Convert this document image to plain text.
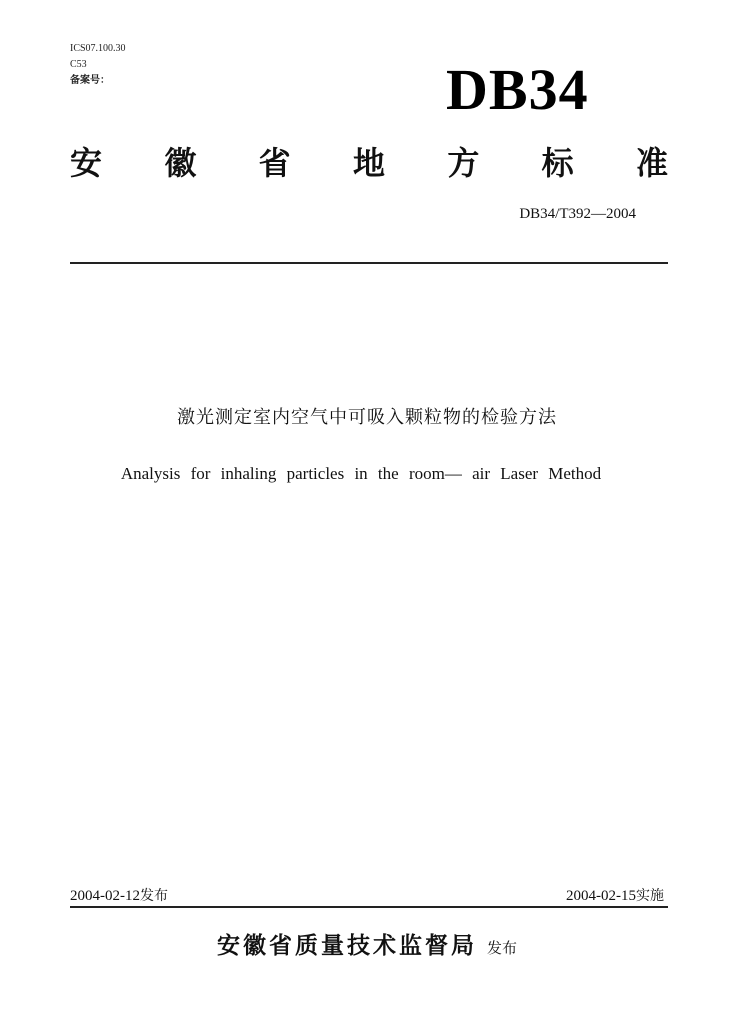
ICS07.100.30
C53
备案号：	DB34
安 徽 省 地 方 标 准
DB34/T392—2004
激光测定室内空气中可吸入颗粒物的检验方法
Analysis for inhaling particles in the room— air Laser Method
2004-02-12发布	2004-02-15实施
安徽省质量技术监督局 发布
